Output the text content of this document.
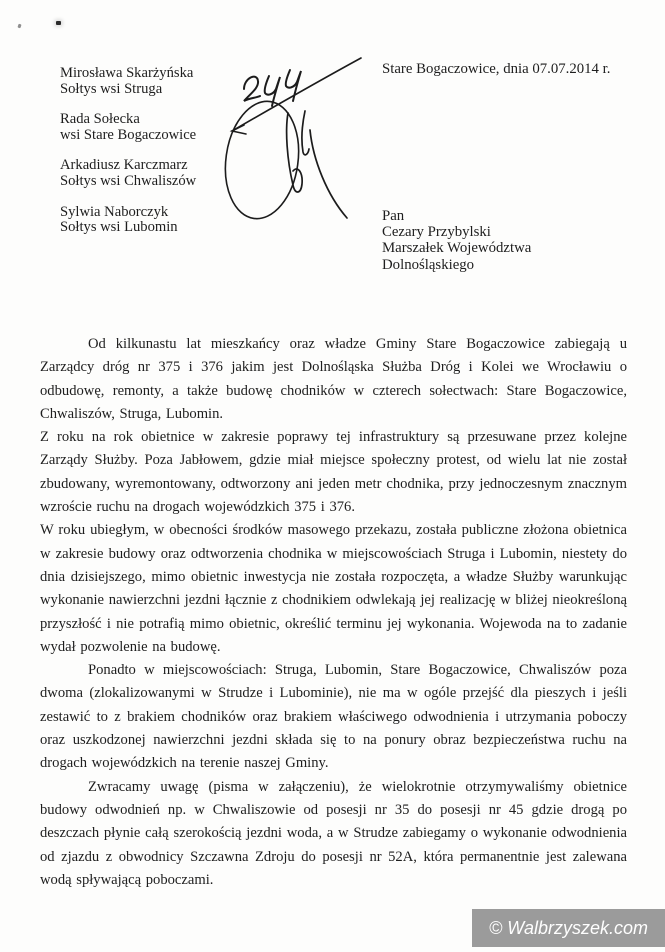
Stare Bogaczowice, dnia 07.07.2014 r.
Mirosława Skarżyńska
Sołtys wsi Struga
Rada Sołecka
wsi Stare Bogaczowice
Arkadiusz Karczmarz
Sołtys wsi Chwaliszów
Sylwia Naborczyk
Sołtys wsi Lubomin
Pan
Cezary Przybylski
Marszałek Województwa
Dolnośląskiego

Od kilkunastu lat mieszkańcy oraz władze Gminy Stare Bogaczowice zabiegają u Zarządcy dróg nr 375 i 376 jakim jest Dolnośląska Służba Dróg i Kolei we Wrocławiu o odbudowę, remonty, a także budowę chodników w czterech sołectwach: Stare Bogaczowice, Chwaliszów, Struga, Lubomin.

Z roku na rok obietnice w zakresie poprawy tej infrastruktury są przesuwane przez kolejne Zarządy Służby. Poza Jabłowem, gdzie miał miejsce społeczny protest, od wielu lat nie został zbudowany, wyremontowany, odtworzony ani jeden metr chodnika, przy jednoczesnym znacznym wzroście ruchu na drogach wojewódzkich 375 i 376.

W roku ubiegłym, w obecności środków masowego przekazu, została publiczne złożona obietnica w zakresie budowy oraz odtworzenia chodnika w miejscowościach Struga i Lubomin, niestety do dnia dzisiejszego, mimo obietnic inwestycja nie została rozpoczęta, a władze Służby warunkując wykonanie nawierzchni jezdni łącznie z chodnikiem odwlekają jej realizację w bliżej nieokreśloną przyszłość i nie potrafią mimo obietnic, określić terminu jej wykonania. Wojewoda na to zadanie wydał pozwolenie na budowę.

Ponadto w miejscowościach: Struga, Lubomin, Stare Bogaczowice, Chwaliszów poza dwoma (zlokalizowanymi w Strudze i Lubominie), nie ma w ogóle przejść dla pieszych i jeśli zestawić to z brakiem chodników oraz brakiem właściwego odwodnienia i utrzymania poboczy oraz uszkodzonej nawierzchni jezdni składa się to na ponury obraz bezpieczeństwa ruchu na drogach wojewódzkich na terenie naszej Gminy.

Zwracamy uwagę (pisma w załączeniu), że wielokrotnie otrzymywaliśmy obietnice budowy odwodnień np. w Chwaliszowie od posesji nr 35 do posesji nr 45 gdzie drogą po deszczach płynie całą szerokością jezdni woda, a w Strudze zabiegamy o wykonanie odwodnienia od zjazdu z obwodnicy Szczawna Zdroju do posesji nr 52A, która permanentnie jest zalewana wodą spływającą poboczami.

© Walbrzyszek.com
